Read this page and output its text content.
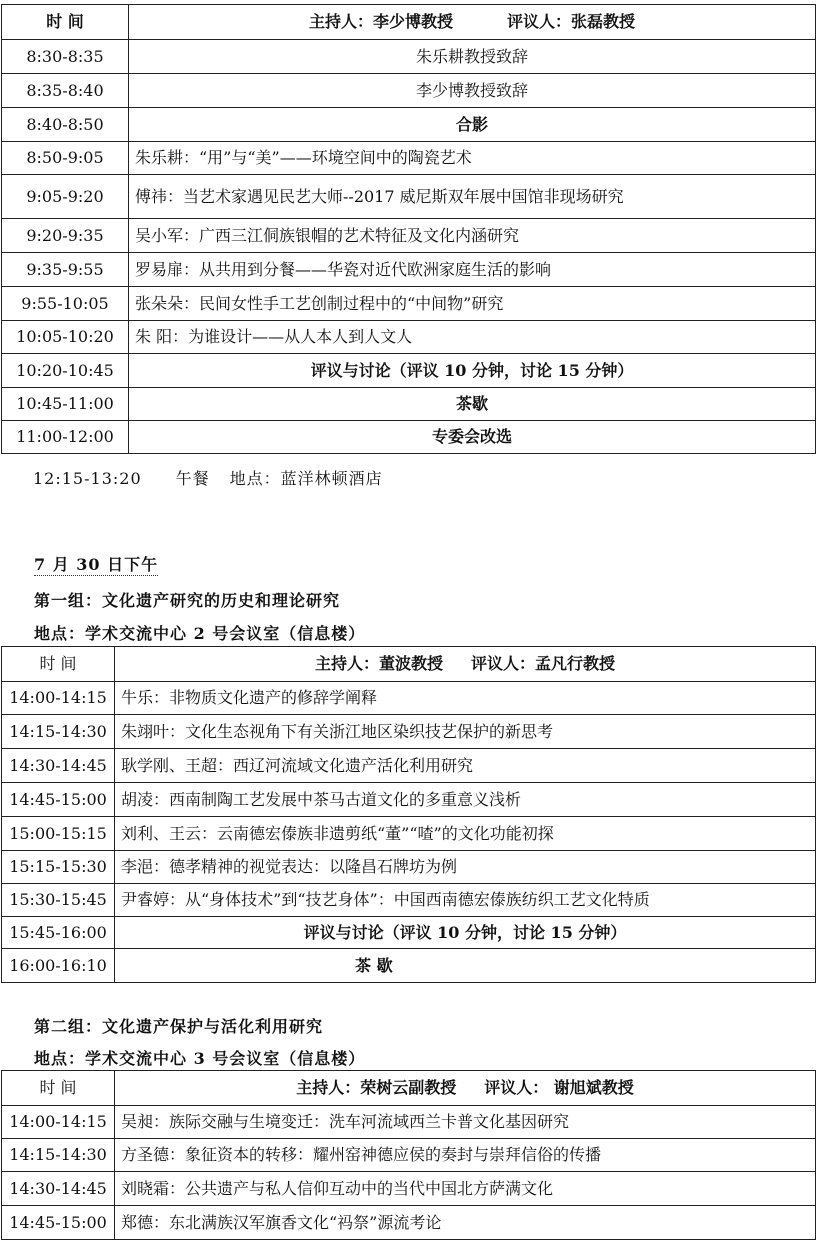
时 间	主持人：李少博教授 评议人：张磊教授
8:30-8:35	朱乐耕教授致辞
8:35-8:40	李少博教授致辞
8:40-8:50	合影
8:50-9:05	朱乐耕：“用”与“美”——环境空间中的陶瓷艺术
9:05-9:20	傅祎：当艺术家遇见民艺大师--2017 威尼斯双年展中国馆非现场研究
9:20-9:35	吴小军：广西三江侗族银帽的艺术特征及文化内涵研究
9:35-9:55	罗易扉：从共用到分餐——华瓷对近代欧洲家庭生活的影响
9:55-10:05	张朵朵：民间女性手工艺创制过程中的“中间物”研究
10:05-10:20	朱 阳：为谁设计——从人本人到人文人
10:20-10:45	评议与讨论（评议 10 分钟，讨论 15 分钟）
10:45-11:00	茶歇
11:00-12:00	专委会改选
12:15-13:20 午餐 地点：蓝洋林顿酒店
7 月 30 日下午
第一组：文化遗产研究的历史和理论研究
地点：学术交流中心 2 号会议室（信息楼）
时 间	主持人：董波教授 评议人：孟凡行教授
14:00-14:15	牛乐：非物质文化遗产的修辞学阐释
14:15-14:30	朱翊叶：文化生态视角下有关浙江地区染织技艺保护的新思考
14:30-14:45	耿学刚、王超：西辽河流域文化遗产活化利用研究
14:45-15:00	胡凌：西南制陶工艺发展中茶马古道文化的多重意义浅析
15:00-15:15	刘利、王云：云南德宏傣族非遗剪纸“董”“喳”的文化功能初探
15:15-15:30	李浥：德孝精神的视觉表达：以隆昌石牌坊为例
15:30-15:45	尹睿婷：从“身体技术”到“技艺身体”：中国西南德宏傣族纺织工艺文化特质
15:45-16:00	评议与讨论（评议 10 分钟，讨论 15 分钟）
16:00-16:10	茶 歇
第二组：文化遗产保护与活化利用研究
地点：学术交流中心 3 号会议室（信息楼）
时 间	主持人：荣树云副教授 评议人： 谢旭斌教授
14:00-14:15	吴昶：族际交融与生境变迁：洗车河流域西兰卡普文化基因研究
14:15-14:30	方圣德：象征资本的转移：耀州窑神德应侯的奏封与崇拜信俗的传播
14:30-14:45	刘晓霜：公共遗产与私人信仰互动中的当代中国北方萨满文化
14:45-15:00	郑德：东北满族汉军旗香文化“祃祭”源流考论
